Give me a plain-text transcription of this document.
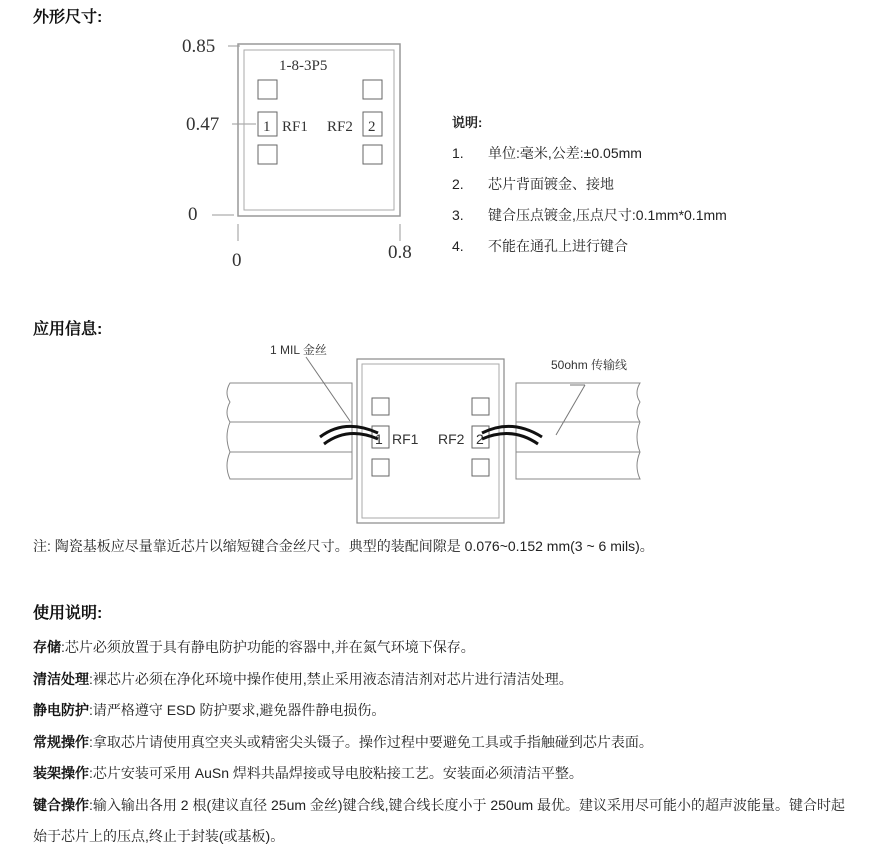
外形尺寸:
0.85
0.47
0
0	0.8
1-8-3P5
1 RF1 RF2 2	说明:
1.	单位:毫米,公差:±0.05mm
2.	芯片背面镀金、接地
3.	键合压点镀金,压点尺寸:0.1mm*0.1mm
4.	不能在通孔上进行键合
应用信息:
1 RF1 RF2 2
1 MIL 金丝
50ohm 传输线
注: 陶瓷基板应尽量靠近芯片以缩短键合金丝尺寸。典型的装配间隙是 0.076~0.152 mm(3 ~ 6 mils)。
使用说明:
存储:芯片必须放置于具有静电防护功能的容器中,并在氮气环境下保存。
清洁处理:裸芯片必须在净化环境中操作使用,禁止采用液态清洁剂对芯片进行清洁处理。
静电防护:请严格遵守 ESD 防护要求,避免器件静电损伤。
常规操作:拿取芯片请使用真空夹头或精密尖头镊子。操作过程中要避免工具或手指触碰到芯片表面。
装架操作:芯片安装可采用 AuSn 焊料共晶焊接或导电胶粘接工艺。安装面必须清洁平整。
键合操作:输入输出各用 2 根(建议直径 25um 金丝)键合线,键合线长度小于 250um 最优。建议采用尽可能小的超声波能量。键合时起始于芯片上的压点,终止于封装(或基板)。
